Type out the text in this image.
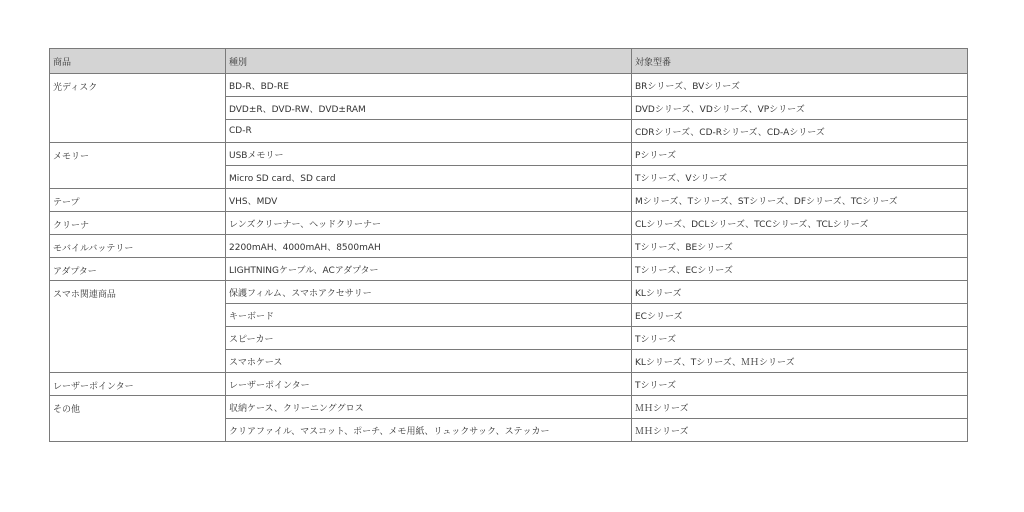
商品	種別	対象型番
光ディスク	BD-R、BD-RE	BRシリーズ、BVシリーズ
	DVD±R、DVD-RW、DVD±RAM	DVDシリーズ、VDシリーズ、VPシリーズ
	CD-R	CDRシリーズ、CD-Rシリーズ、CD-Aシリーズ
メモリー	USBメモリー	Pシリーズ
	Micro SD card、SD card	Tシリーズ、Vシリーズ
テープ	VHS、MDV	Mシリーズ、Tシリーズ、STシリーズ、DFシリーズ、TCシリーズ
クリーナ	レンズクリーナー、ヘッドクリーナー	CLシリーズ、DCLシリーズ、TCCシリーズ、TCLシリーズ
モバイルバッテリー	2200mAH、4000mAH、8500mAH	Tシリーズ、BEシリーズ
アダプター	LIGHTNINGケーブル、ACアダプター	Tシリーズ、ECシリーズ
スマホ関連商品	保護フィルム、スマホアクセサリー	KLシリーズ
	キーボード	ECシリーズ
	スピーカー	Tシリーズ
	スマホケース	KLシリーズ、Tシリーズ、ＭＨシリーズ
レーザーポインター	レーザーポインター	Tシリーズ
その他	収納ケース、クリーニンググロス	ＭＨシリーズ
	クリアファイル、マスコット、ポーチ、メモ用紙、リュックサック、ステッカー	ＭＨシリーズ
